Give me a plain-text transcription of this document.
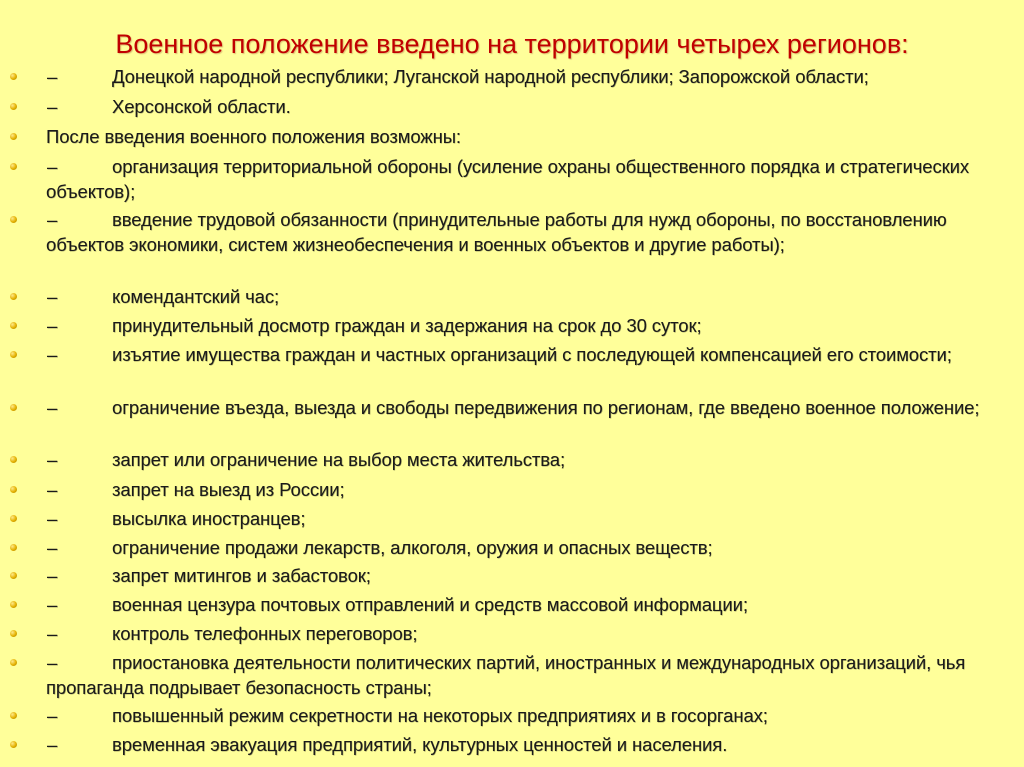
Военное положение введено на территории четырех регионов:
–	Донецкой народной республики; Луганской народной республики; Запорожской области;
–	Херсонской области.
После введения военного положения возможны:
–	организация территориальной обороны (усиление охраны общественного порядка и стратегических объектов);
–	введение трудовой обязанности (принудительные работы для нужд обороны, по восстановлению объектов экономики, систем жизнеобеспечения и военных объектов и другие работы);
–	комендантский час;
–	принудительный досмотр граждан и задержания на срок до 30 суток;
–	изъятие имущества граждан и частных организаций с последующей компенсацией его стоимости;
–	ограничение въезда, выезда и свободы передвижения по регионам, где введено военное положение;
–	запрет или ограничение на выбор места жительства;
–	запрет на выезд из России;
–	высылка иностранцев;
–	ограничение продажи лекарств, алкоголя, оружия и опасных веществ;
–	запрет митингов и забастовок;
–	военная цензура почтовых отправлений и средств массовой информации;
–	контроль телефонных переговоров;
–	приостановка деятельности политических партий, иностранных и международных организаций, чья пропаганда подрывает безопасность страны;
–	повышенный режим секретности на некоторых предприятиях и в госорганах;
–	временная эвакуация предприятий, культурных ценностей и населения.
